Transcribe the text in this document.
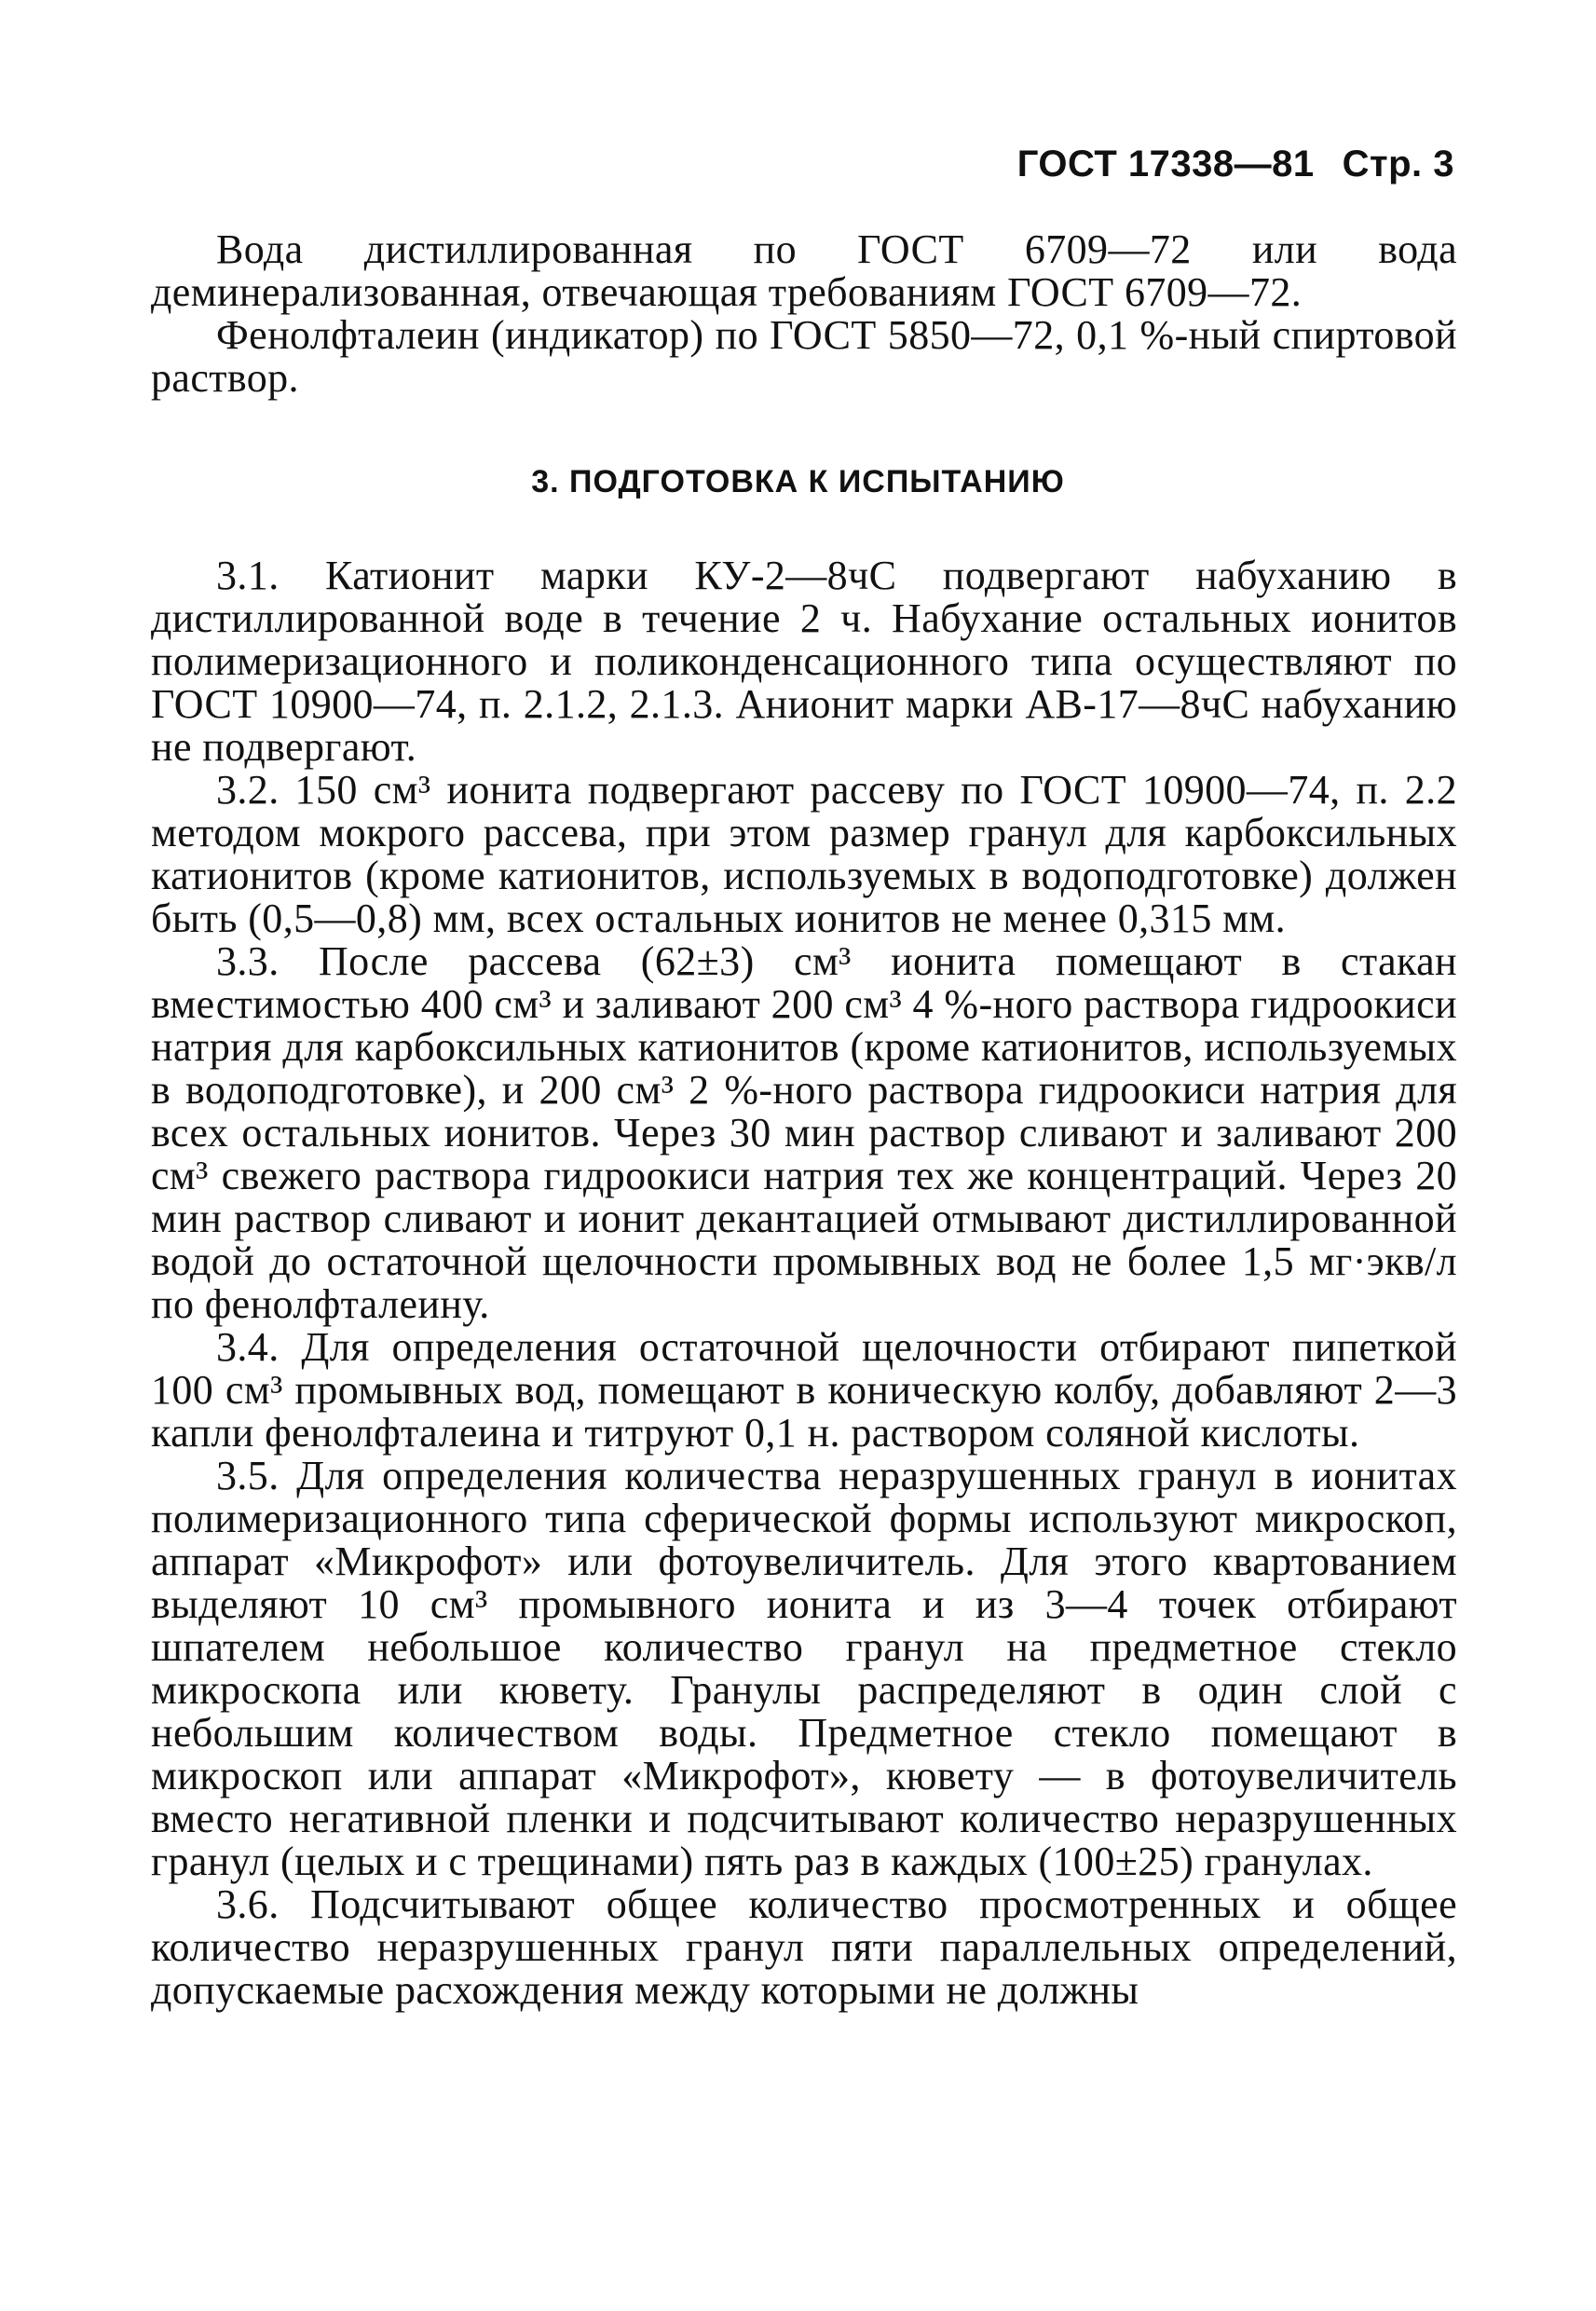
ГОСТ 17338—81 Стр. 3

Вода дистиллированная по ГОСТ 6709—72 или вода деминерализованная, отвечающая требованиям ГОСТ 6709—72.

Фенолфталеин (индикатор) по ГОСТ 5850—72, 0,1 %-ный спиртовой раствор.

3. ПОДГОТОВКА К ИСПЫТАНИЮ

3.1. Катионит марки КУ-2—8чС подвергают набуханию в дистиллированной воде в течение 2 ч. Набухание остальных ионитов полимеризационного и поликонденсационного типа осуществляют по ГОСТ 10900—74, п. 2.1.2, 2.1.3. Анионит марки АВ-17—8чС набуханию не подвергают.

3.2. 150 см³ ионита подвергают рассеву по ГОСТ 10900—74, п. 2.2 методом мокрого рассева, при этом размер гранул для карбоксильных катионитов (кроме катионитов, используемых в водоподготовке) должен быть (0,5—0,8) мм, всех остальных ионитов не менее 0,315 мм.

3.3. После рассева (62±3) см³ ионита помещают в стакан вместимостью 400 см³ и заливают 200 см³ 4 %-ного раствора гидроокиси натрия для карбоксильных катионитов (кроме катионитов, используемых в водоподготовке), и 200 см³ 2 %-ного раствора гидроокиси натрия для всех остальных ионитов. Через 30 мин раствор сливают и заливают 200 см³ свежего раствора гидроокиси натрия тех же концентраций. Через 20 мин раствор сливают и ионит декантацией отмывают дистиллированной водой до остаточной щелочности промывных вод не более 1,5 мг·экв/л по фенолфталеину.

3.4. Для определения остаточной щелочности отбирают пипеткой 100 см³ промывных вод, помещают в коническую колбу, добавляют 2—3 капли фенолфталеина и титруют 0,1 н. раствором соляной кислоты.

3.5. Для определения количества неразрушенных гранул в ионитах полимеризационного типа сферической формы используют микроскоп, аппарат «Микрофот» или фотоувеличитель. Для этого квартованием выделяют 10 см³ промывного ионита и из 3—4 точек отбирают шпателем небольшое количество гранул на предметное стекло микроскопа или кювету. Гранулы распределяют в один слой с небольшим количеством воды. Предметное стекло помещают в микроскоп или аппарат «Микрофот», кювету — в фотоувеличитель вместо негативной пленки и подсчитывают количество неразрушенных гранул (целых и с трещинами) пять раз в каждых (100±25) гранулах.

3.6. Подсчитывают общее количество просмотренных и общее количество неразрушенных гранул пяти параллельных определений, допускаемые расхождения между которыми не должны
